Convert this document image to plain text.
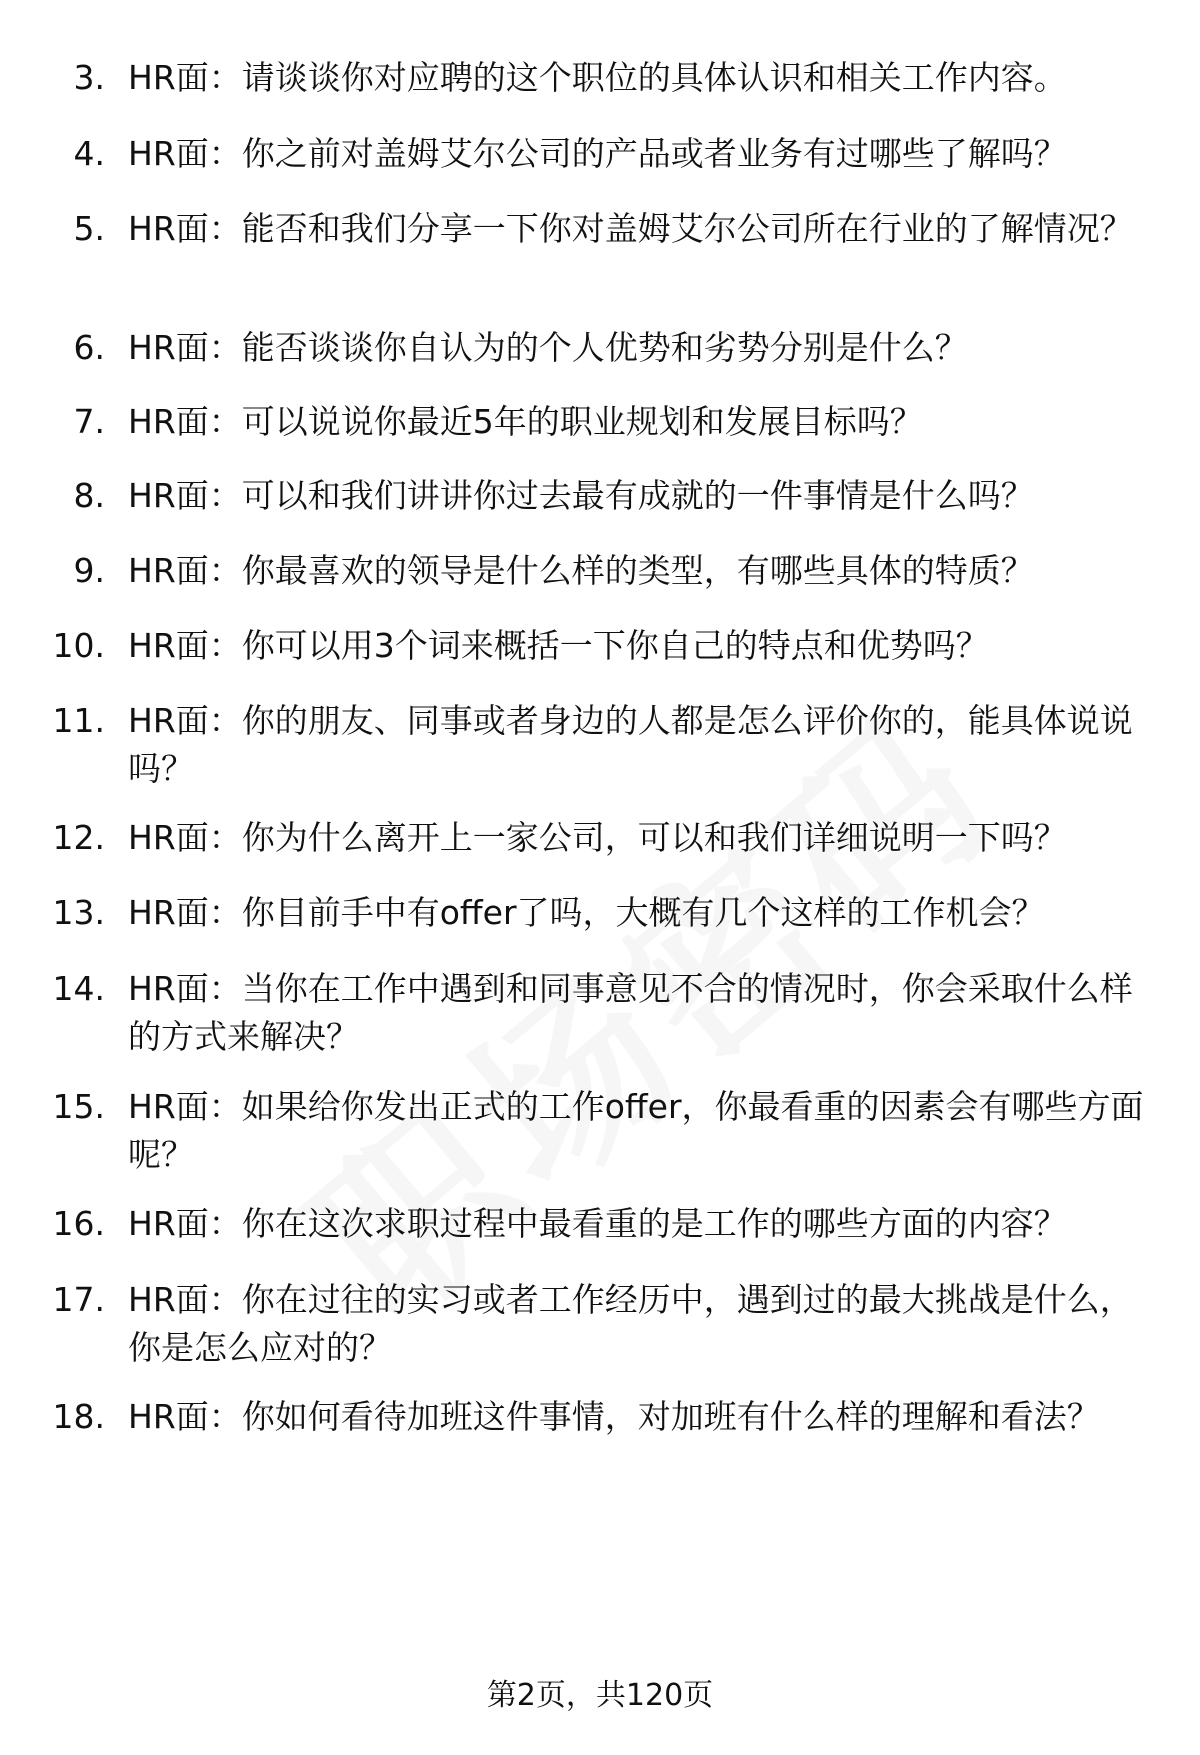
3. HR面：请谈谈你对应聘的这个职位的具体认识和相关工作内容。
4. HR面：你之前对盖姆艾尔公司的产品或者业务有过哪些了解吗？
5. HR面：能否和我们分享一下你对盖姆艾尔公司所在行业的了解情况？
6. HR面：能否谈谈你自认为的个人优势和劣势分别是什么？
7. HR面：可以说说你最近5年的职业规划和发展目标吗？
8. HR面：可以和我们讲讲你过去最有成就的一件事情是什么吗？
9. HR面：你最喜欢的领导是什么样的类型，有哪些具体的特质？
10. HR面：你可以用3个词来概括一下你自己的特点和优势吗？
11. HR面：你的朋友、同事或者身边的人都是怎么评价你的，能具体说说吗？
12. HR面：你为什么离开上一家公司，可以和我们详细说明一下吗？
13. HR面：你目前手中有offer了吗，大概有几个这样的工作机会？
14. HR面：当你在工作中遇到和同事意见不合的情况时，你会采取什么样的方式来解决？
15. HR面：如果给你发出正式的工作offer，你最看重的因素会有哪些方面呢？
16. HR面：你在这次求职过程中最看重的是工作的哪些方面的内容？
17. HR面：你在过往的实习或者工作经历中，遇到过的最大挑战是什么，你是怎么应对的？
18. HR面：你如何看待加班这件事情，对加班有什么样的理解和看法？
第2页，共120页
